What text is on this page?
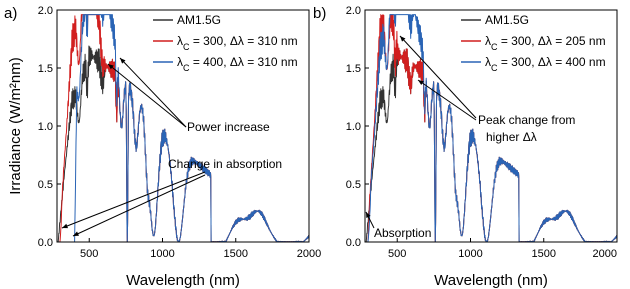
0.0
0.5
1.0
1.5
2.0
500	1000	1500	2000
Wavelength (nm)
Irradiance (W/m²nm)
a)	AM1.5G
$\lambda_C = 300$, Δλ = 310 nm
$\lambda_C = 400$, Δλ = 310 nm
Power increase
Change in absorption
0.0
0.5
1.0
1.5
2.0
500	1000	1500	2000
Wavelength (nm)
b)	AM1.5G
$\lambda_C = 300$, Δλ = 205 nm
$\lambda_C = 300$, Δλ = 400 nm
Peak change from
higher Δλ
Absorption
